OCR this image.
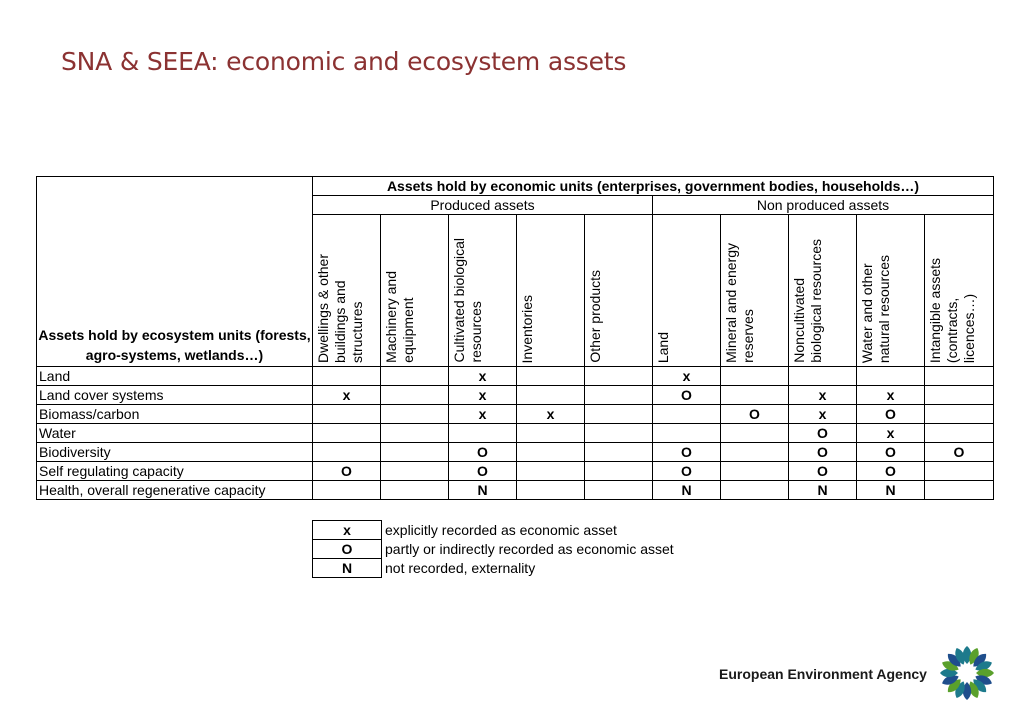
SNA & SEEA: economic and ecosystem assets
Assets hold by ecosystem units (forests, agro-systems, wetlands…)	Assets hold by economic units (enterprises, government bodies, households…)									
	Produced assets					Non produced assets				

	Dwellings & other
buildings and
structures	Machinery and
equipment	Cultivated biological
resources	Inventories	Other products	Land	Mineral and energy
reserves	Noncultivated
biological resources	Water and other
natural resources	Intangible assets
(contracts,
licences…)

Land			x			x				
Land cover systems	x		x			O		x	x	
Biomass/carbon			x	x			O	x	O	
Water								O	x	
Biodiversity			O			O		O	O	O
Self regulating capacity	O		O			O		O	O	
Health, overall regenerative capacity			N			N		N	N	
x	explicitly recorded as economic asset
O	partly or indirectly recorded as economic asset
N	not recorded, externality
European Environment Agency
